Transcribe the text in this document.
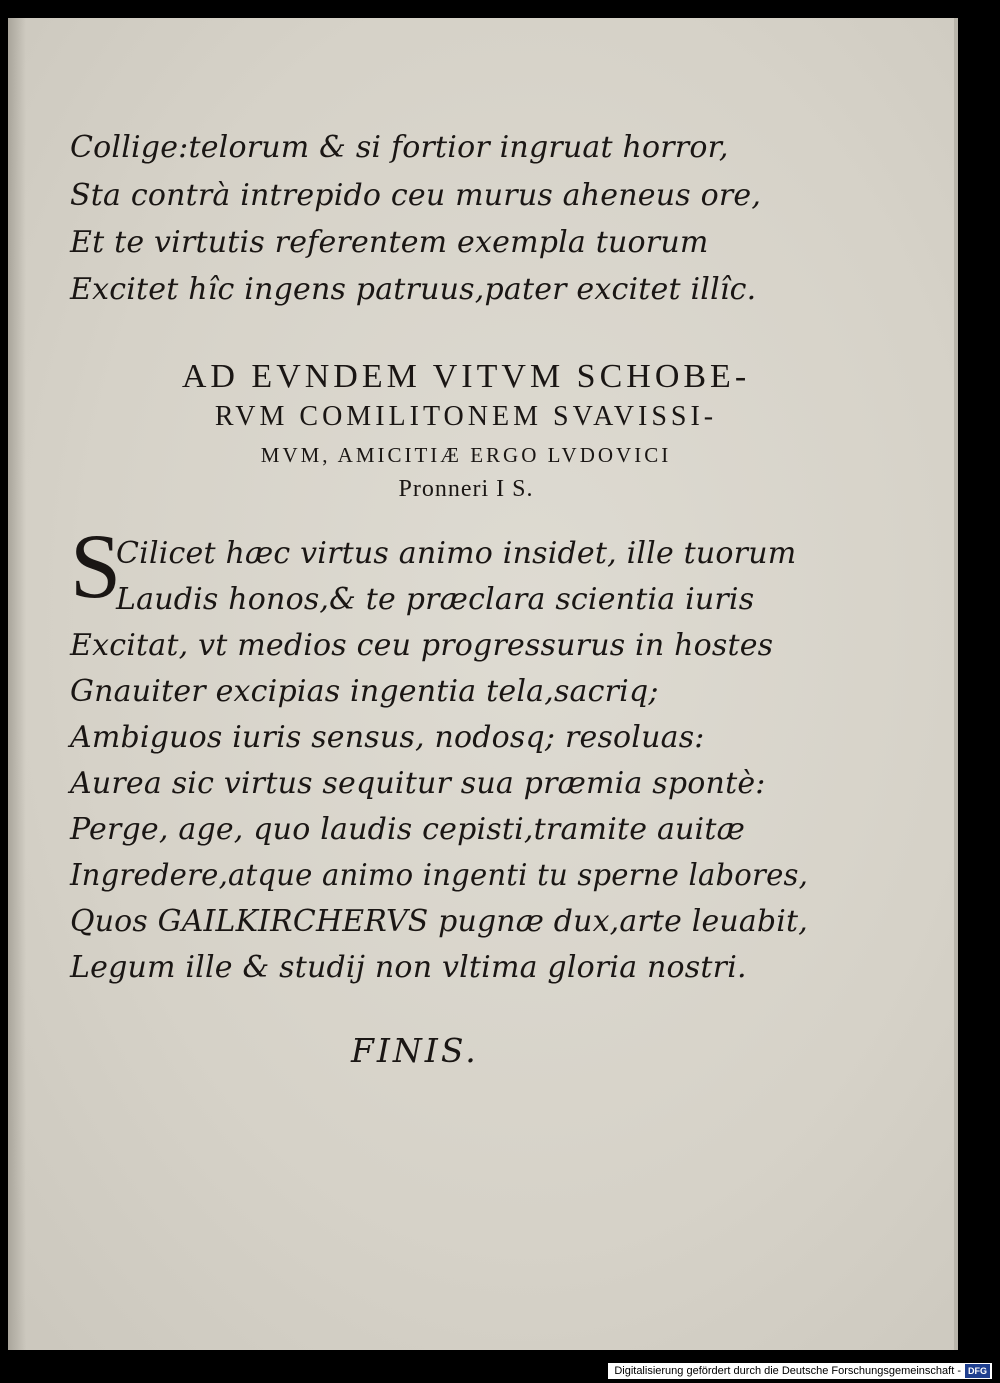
Collige:telorum & si fortior ingruat horror,
Sta contrà intrepido ceu murus aheneus ore,
Et te virtutis referentem exempla tuorum
Excitet hîc ingens patruus,pater excitet illîc.
AD EVNDEM VITVM SCHOBE-
RVM COMILITONEM SVAVISSI-
MVM, AMICITIÆ ERGO LVDOVICI
Pronneri I S.
S
Cilicet hæc virtus animo insidet, ille tuorum
Laudis honos,& te præclara scientia iuris
Excitat, vt medios ceu progressurus in hostes
Gnauiter excipias ingentia tela,sacriq;
Ambiguos iuris sensus, nodosq; resoluas:
Aurea sic virtus sequitur sua præmia spontè:
Perge, age, quo laudis cepisti,tramite auitæ
Ingredere,atque animo ingenti tu sperne labores,
Quos GAILKIRCHERVS pugnæ dux,arte leuabit,
Legum ille & studij non vltima gloria nostri.
FINIS.
Digitalisierung gefördert durch die Deutsche Forschungsgemeinschaft - DFG
